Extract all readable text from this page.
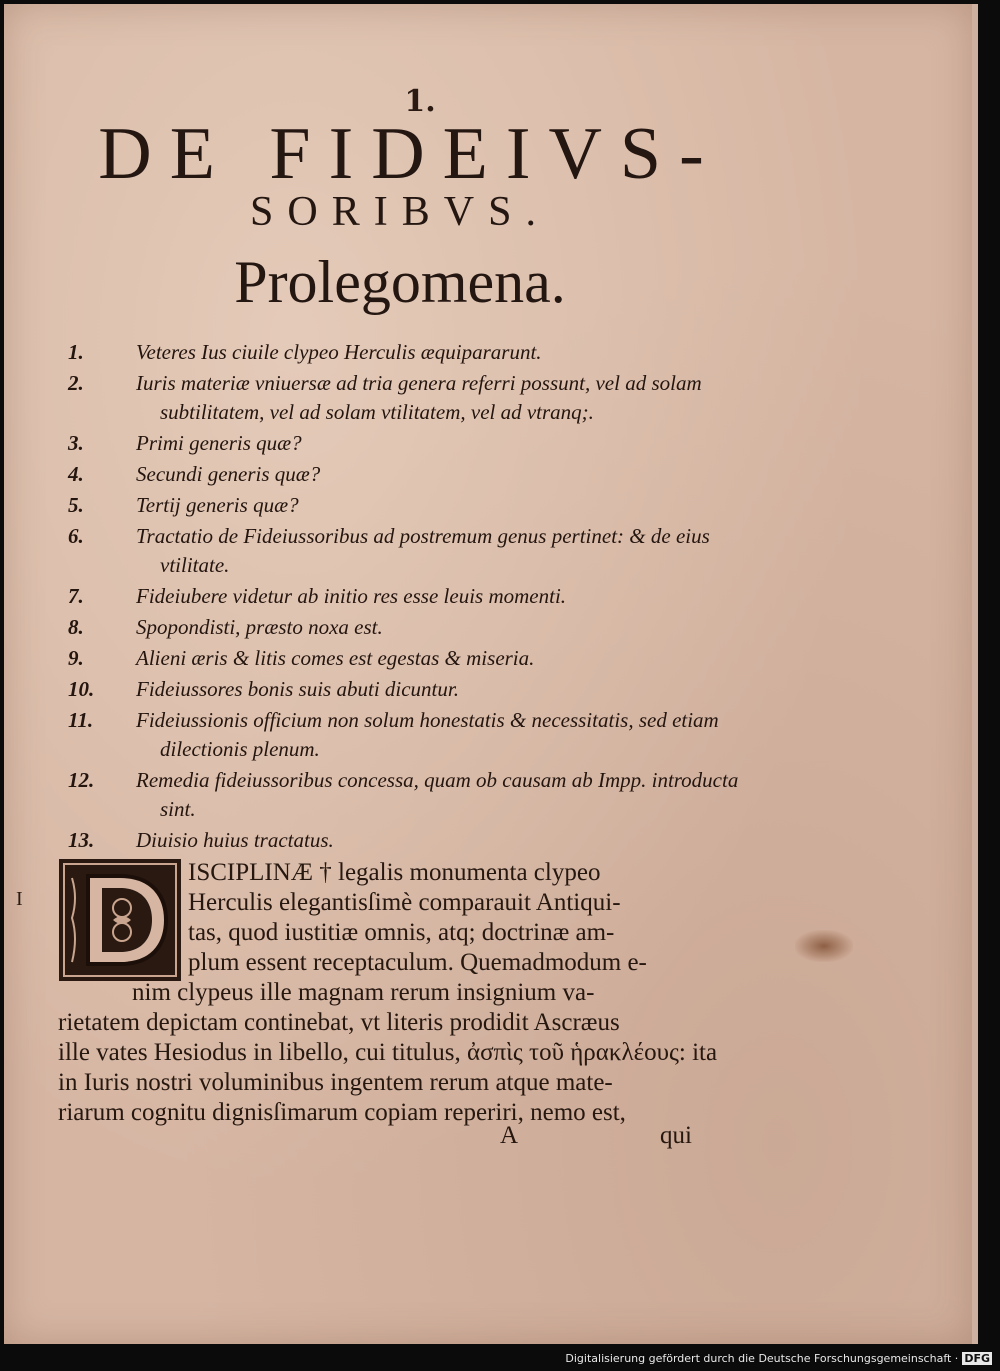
1.
DE FIDEIVS-
SORIBVS.
Prolegomena.
1.	Veteres Ius ciuile clypeo Herculis æquipararunt.
2.	Iuris materiæ vniuersæ ad tria genera referri possunt, vel ad solam subtilitatem, vel ad solam vtilitatem, vel ad vtranq;.
3.	Primi generis quæ?
4.	Secundi generis quæ?
5.	Tertij generis quæ?
6.	Tractatio de Fideiussoribus ad postremum genus pertinet: & de eius vtilitate.
7.	Fideiubere videtur ab initio res esse leuis momenti.
8.	Spopondisti, præsto noxa est.
9.	Alieni æris & litis comes est egestas & miseria.
10.	Fideiussores bonis suis abuti dicuntur.
11.	Fideiussionis officium non solum honestatis & necessitatis, sed etiam dilectionis plenum.
12.	Remedia fideiussoribus concessa, quam ob causam ab Impp. introducta sint.
13.	Diuisio huius tractatus.
ISCIPLINÆ † legalis monumenta clypeo
Herculis elegantisſimè comparauit Antiqui-
tas, quod iustitiæ omnis, atq; doctrinæ am-
plum essent receptaculum. Quemadmodum e-
nim clypeus ille magnam rerum insignium va-
rietatem depictam continebat, vt literis prodidit Ascræus
ille vates Hesiodus in libello, cui titulus, ἀσπὶς τοῦ ἡρακλέους: ita
in Iuris nostri voluminibus ingentem rerum atque mate-
riarum cognitu dignisſimarum copiam reperiri, nemo est,
A	qui
I
Digitalisierung gefördert durch die Deutsche Forschungsgemeinschaft · DFG
